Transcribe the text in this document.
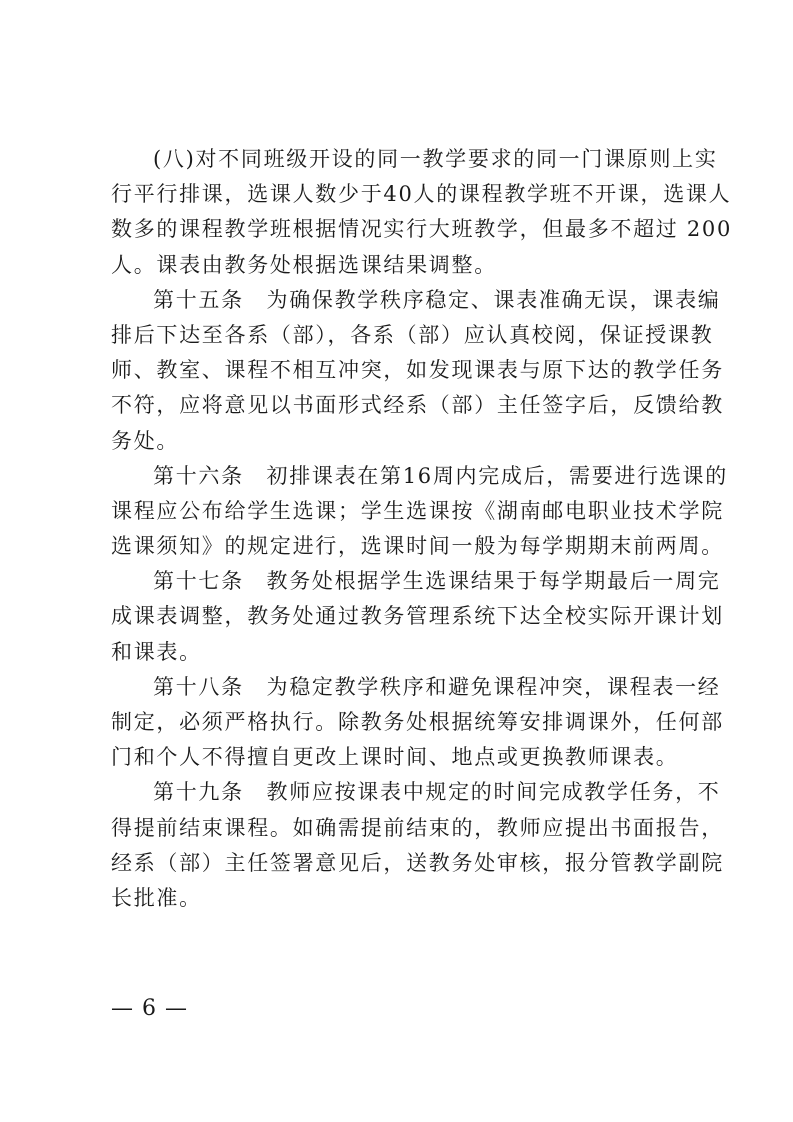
(八)对不同班级开设的同一教学要求的同一门课原则上实
行平行排课，选课人数少于40人的课程教学班不开课，选课人
数多的课程教学班根据情况实行大班教学，但最多不超过 200
人。课表由教务处根据选课结果调整。
第十五条　为确保教学秩序稳定、课表准确无误，课表编
排后下达至各系（部），各系（部）应认真校阅，保证授课教
师、教室、课程不相互冲突，如发现课表与原下达的教学任务
不符，应将意见以书面形式经系（部）主任签字后，反馈给教
务处。
第十六条　初排课表在第16周内完成后，需要进行选课的
课程应公布给学生选课；学生选课按《湖南邮电职业技术学院
选课须知》的规定进行，选课时间一般为每学期期末前两周。
第十七条　教务处根据学生选课结果于每学期最后一周完
成课表调整，教务处通过教务管理系统下达全校实际开课计划
和课表。
第十八条　为稳定教学秩序和避免课程冲突，课程表一经
制定，必须严格执行。除教务处根据统筹安排调课外，任何部
门和个人不得擅自更改上课时间、地点或更换教师课表。
第十九条　教师应按课表中规定的时间完成教学任务，不
得提前结束课程。如确需提前结束的，教师应提出书面报告，
经系（部）主任签署意见后，送教务处审核，报分管教学副院
长批准。
— 6 —
